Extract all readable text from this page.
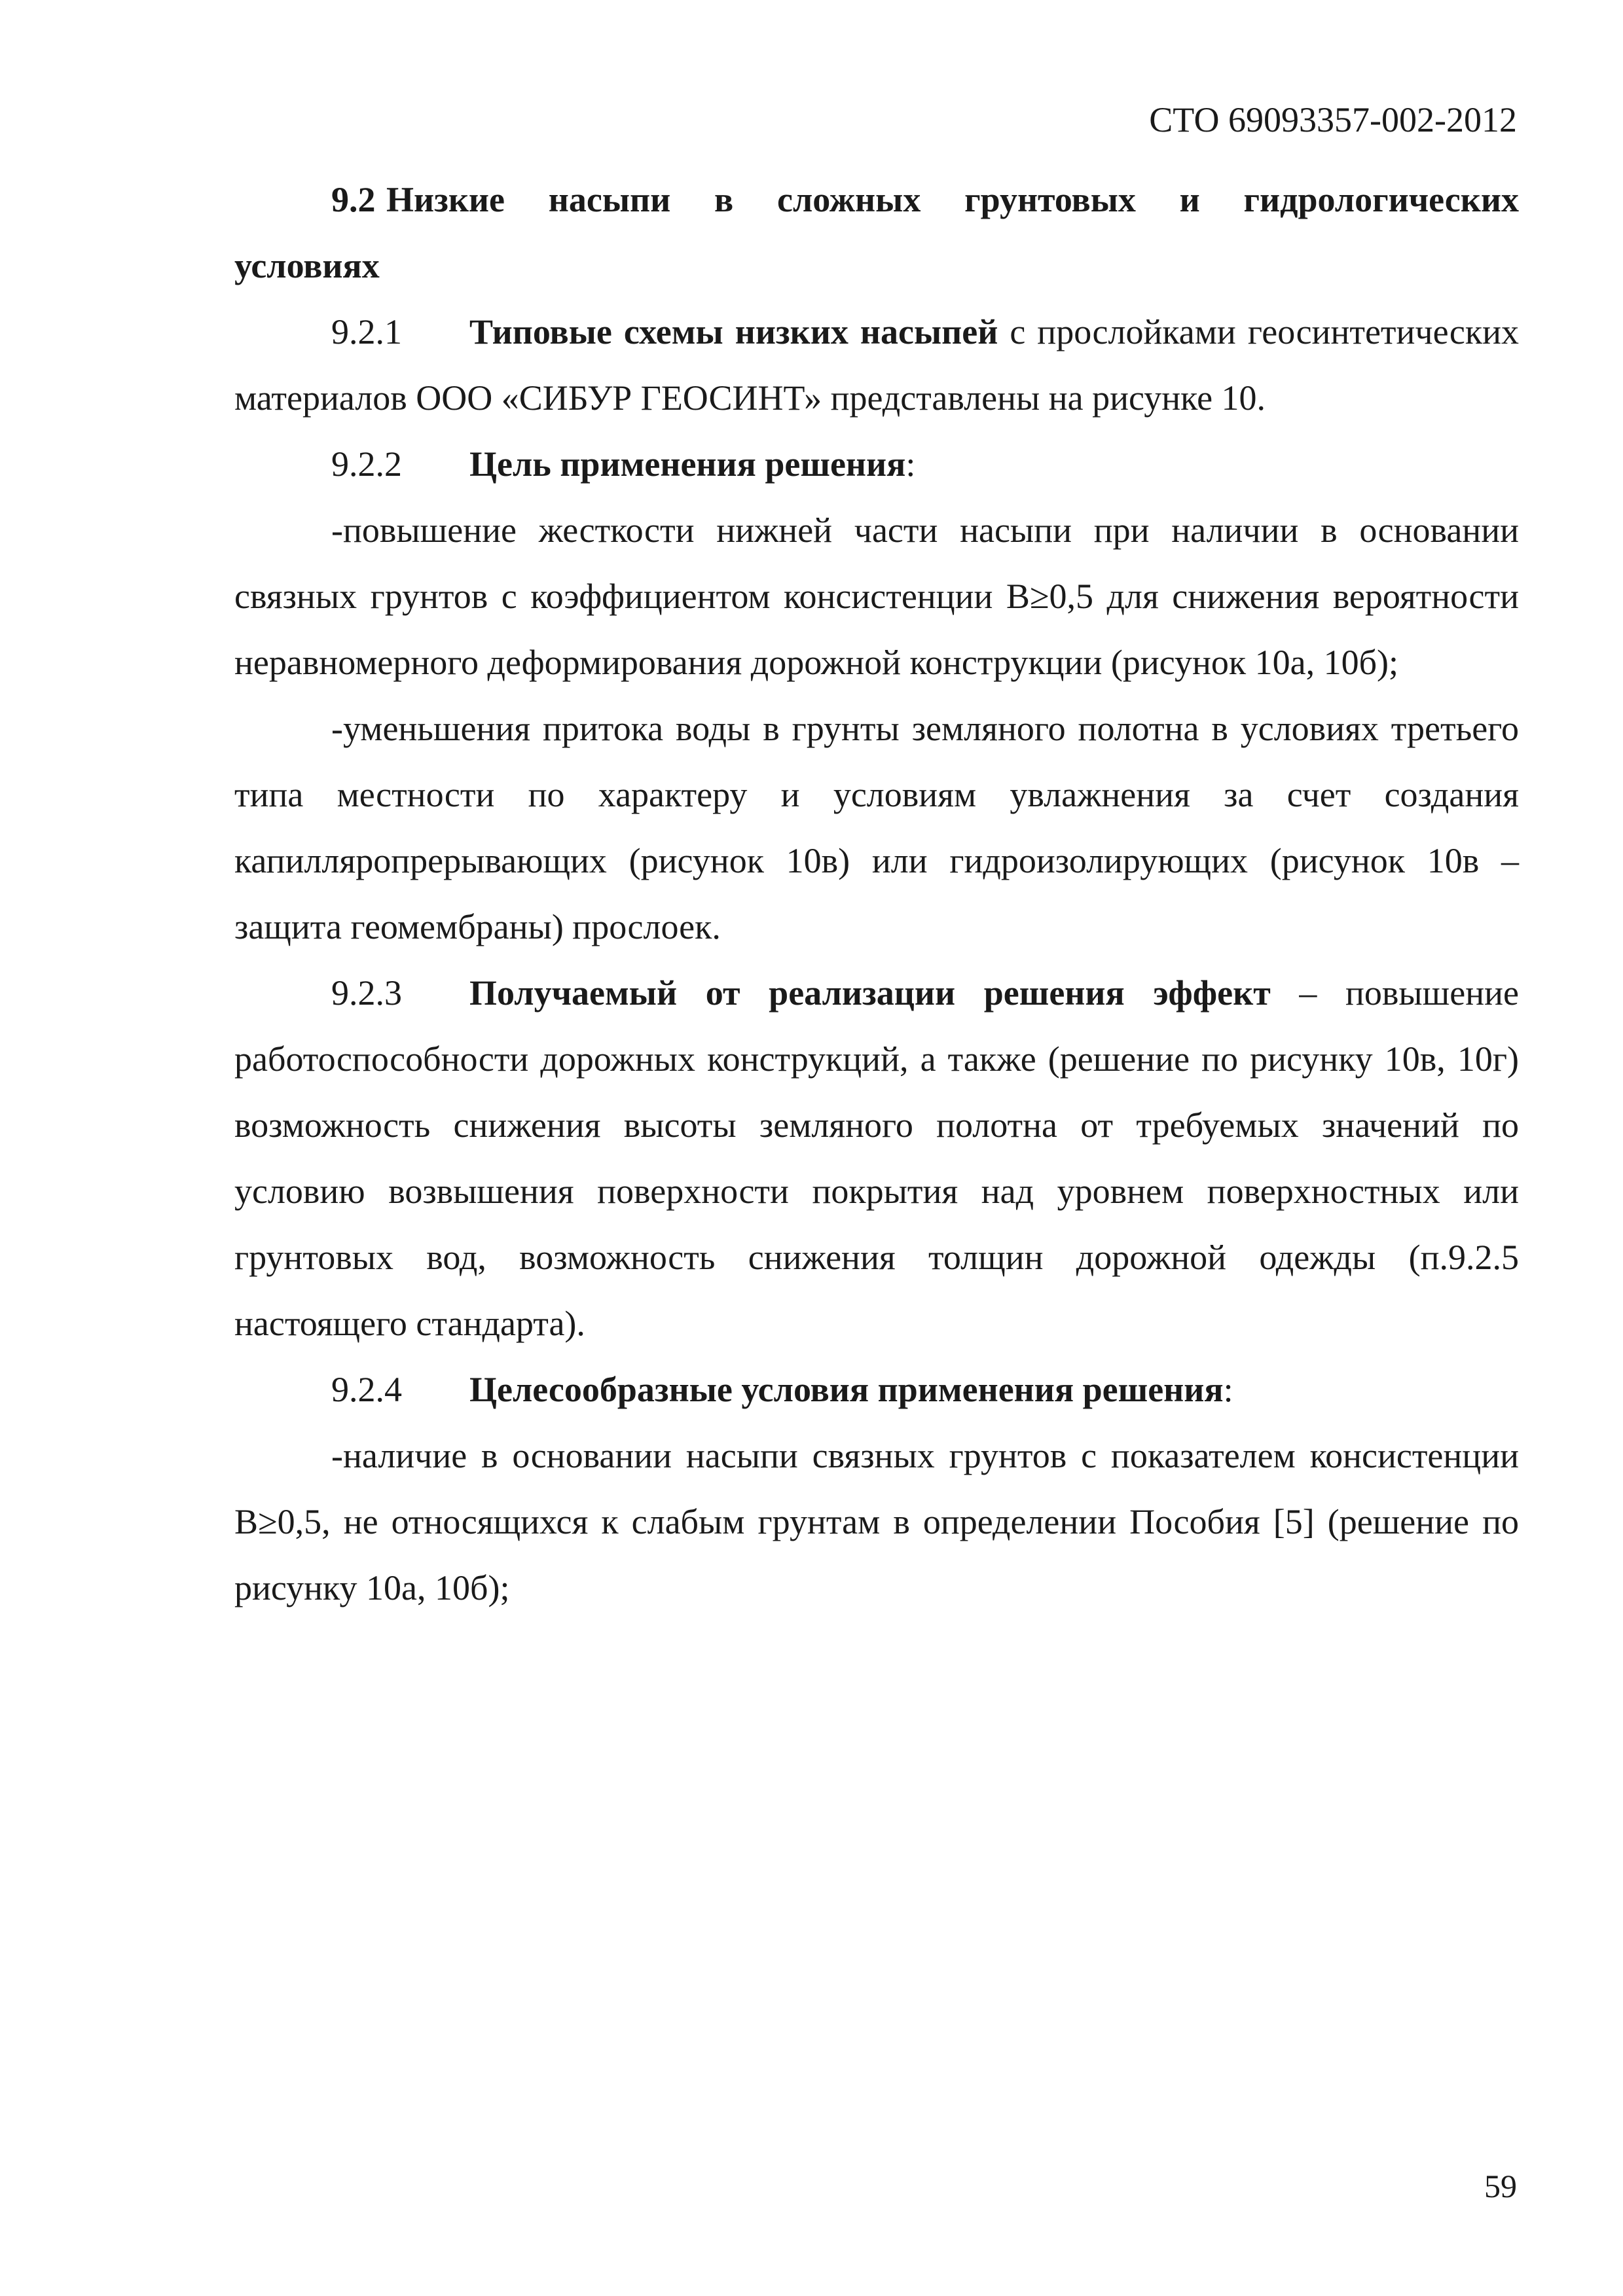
СТО 69093357-002-2012

9.2 Низкие насыпи в сложных грунтовых и гидрологических условиях

9.2.1 Типовые схемы низких насыпей с прослойками геосинтетических материалов ООО «СИБУР ГЕОСИНТ» представлены на рисунке 10.

9.2.2 Цель применения решения:

-повышение жесткости нижней части насыпи при наличии в основании связных грунтов с коэффициентом консистенции B≥0,5 для снижения вероятности неравномерного деформирования дорожной конструкции (рисунок 10а, 10б);

-уменьшения притока воды в грунты земляного полотна в условиях третьего типа местности по характеру и условиям увлажнения за счет создания капилляропрерывающих (рисунок 10в) или гидроизолирующих (рисунок 10в – защита геомембраны) прослоек.

9.2.3 Получаемый от реализации решения эффект – повышение работоспособности дорожных конструкций, а также (решение по рисунку 10в, 10г) возможность снижения высоты земляного полотна от требуемых значений по условию возвышения поверхности покрытия над уровнем поверхностных или грунтовых вод, возможность снижения толщин дорожной одежды (п.9.2.5 настоящего стандарта).

9.2.4 Целесообразные условия применения решения:

-наличие в основании насыпи связных грунтов с показателем консистенции B≥0,5, не относящихся к слабым грунтам в определении Пособия [5] (решение по рисунку 10а, 10б);

59
